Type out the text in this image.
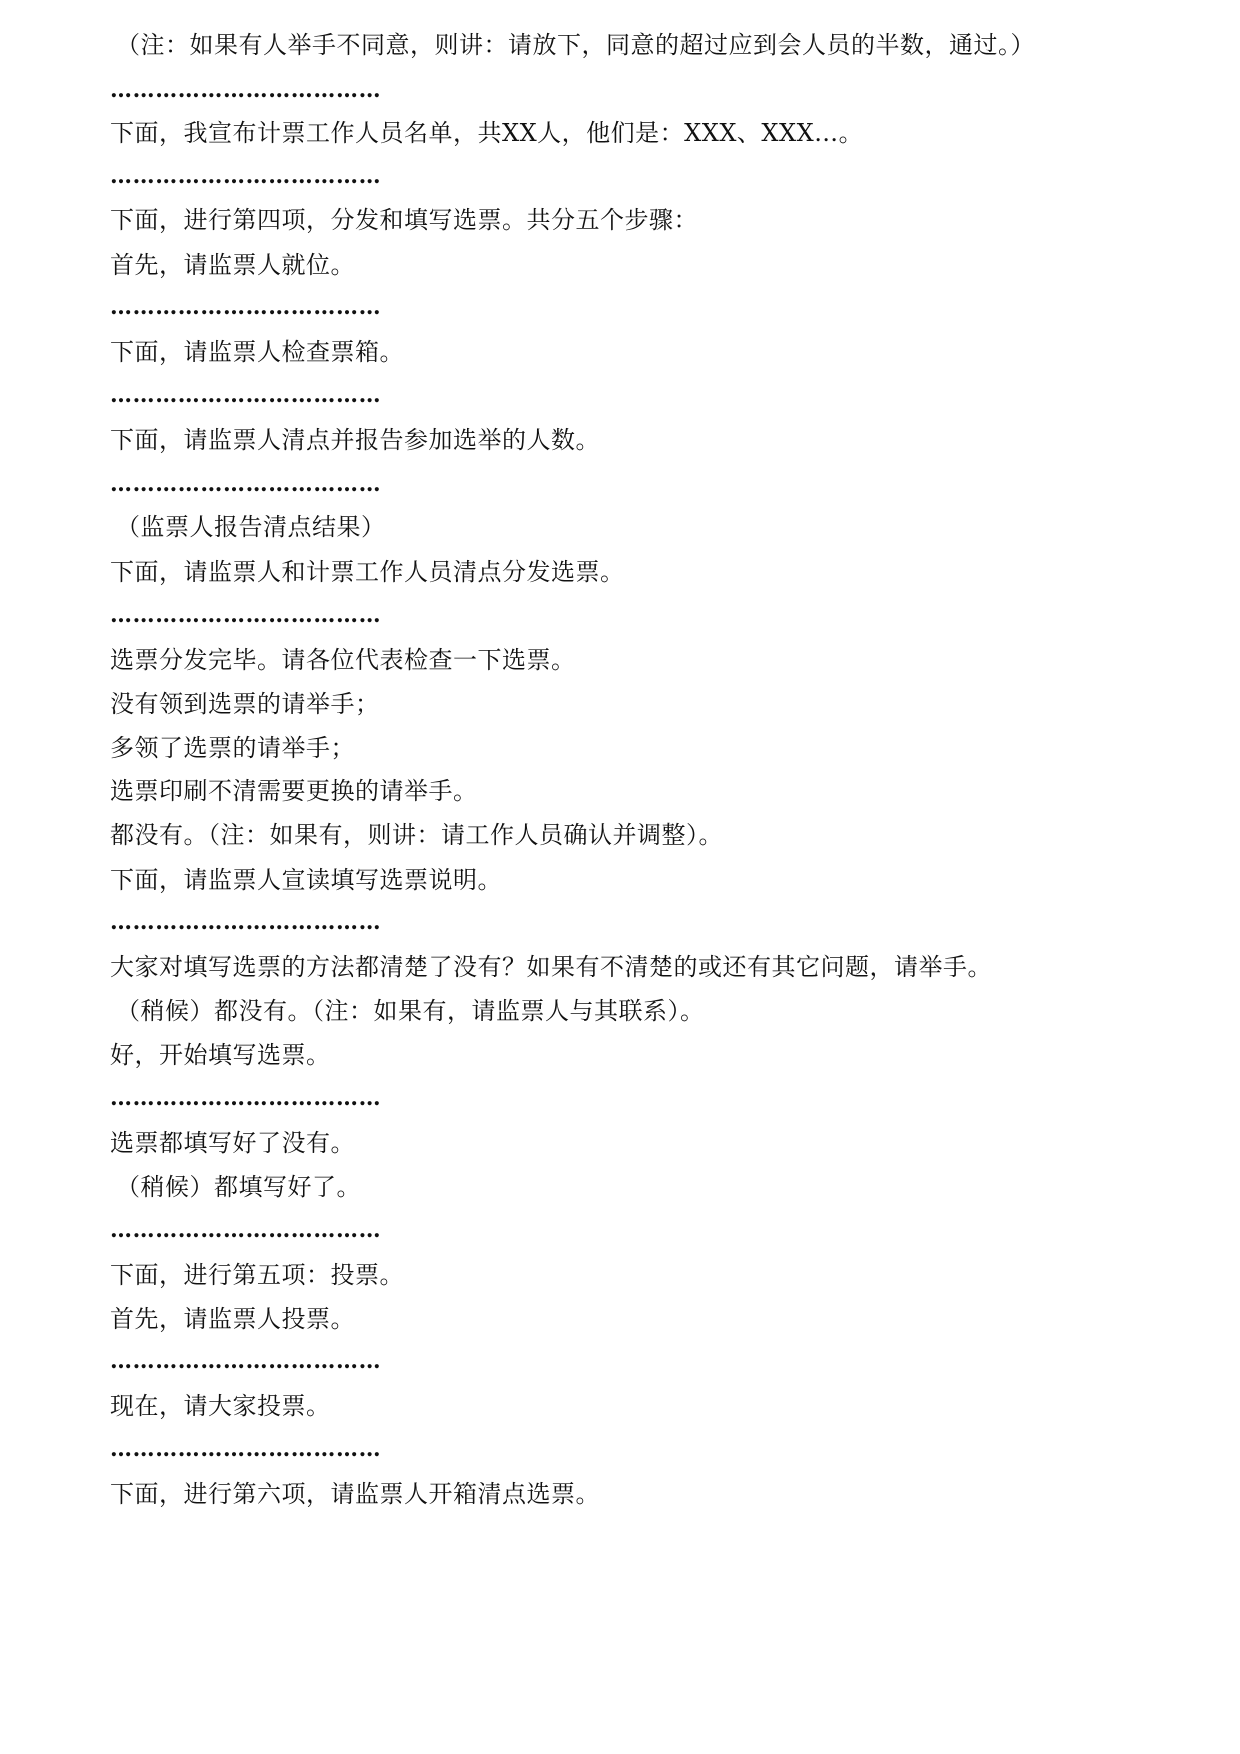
（注：如果有人举手不同意，则讲：请放下，同意的超过应到会人员的半数，通过。）
………………………………
下面，我宣布计票工作人员名单，共XX人，他们是：XXX、XXX…。
………………………………
下面，进行第四项，分发和填写选票。共分五个步骤：
首先，请监票人就位。
………………………………
下面，请监票人检查票箱。
………………………………
下面，请监票人清点并报告参加选举的人数。
………………………………
（监票人报告清点结果）
下面，请监票人和计票工作人员清点分发选票。
………………………………
选票分发完毕。请各位代表检查一下选票。
没有领到选票的请举手；
多领了选票的请举手；
选票印刷不清需要更换的请举手。
都没有。（注：如果有，则讲：请工作人员确认并调整）。
下面，请监票人宣读填写选票说明。
………………………………
大家对填写选票的方法都清楚了没有？如果有不清楚的或还有其它问题，请举手。
（稍候）都没有。（注：如果有，请监票人与其联系）。
好，开始填写选票。
………………………………
选票都填写好了没有。
（稍候）都填写好了。
………………………………
下面，进行第五项：投票。
首先，请监票人投票。
………………………………
现在，请大家投票。
………………………………
下面，进行第六项，请监票人开箱清点选票。
